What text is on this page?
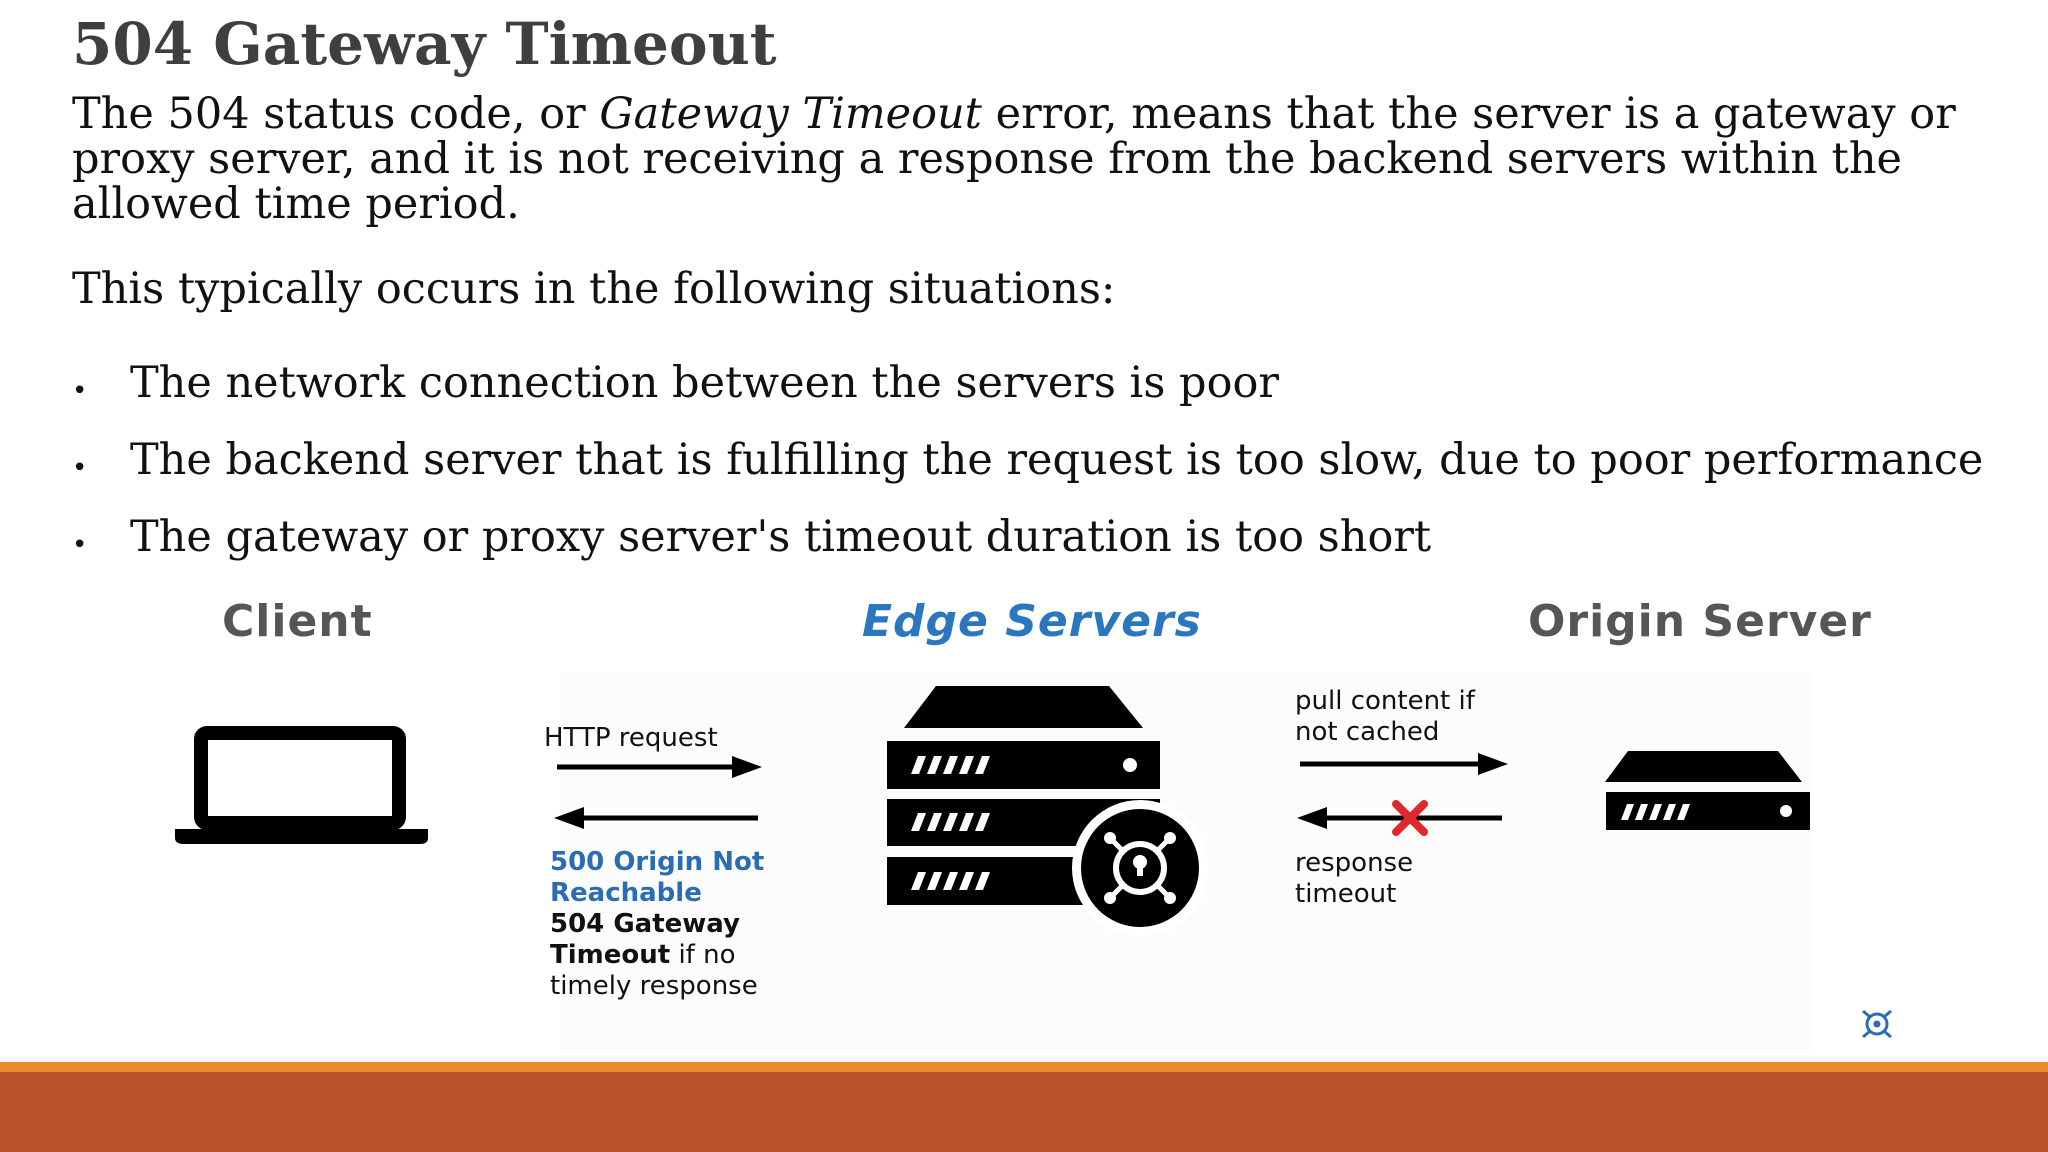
504 Gateway Timeout

The 504 status code, or Gateway Timeout error, means that the server is a gateway or proxy server, and it is not receiving a response from the backend servers within the allowed time period.

This typically occurs in the following situations:

• The network connection between the servers is poor
• The backend server that is fulfilling the request is too slow, due to poor performance
• The gateway or proxy server's timeout duration is too short

Client	Edge Servers	Origin Server

HTTP request

500 Origin Not

Reachable

504 Gateway

Timeout if no

timely response

pull content if

not cached

response

timeout
